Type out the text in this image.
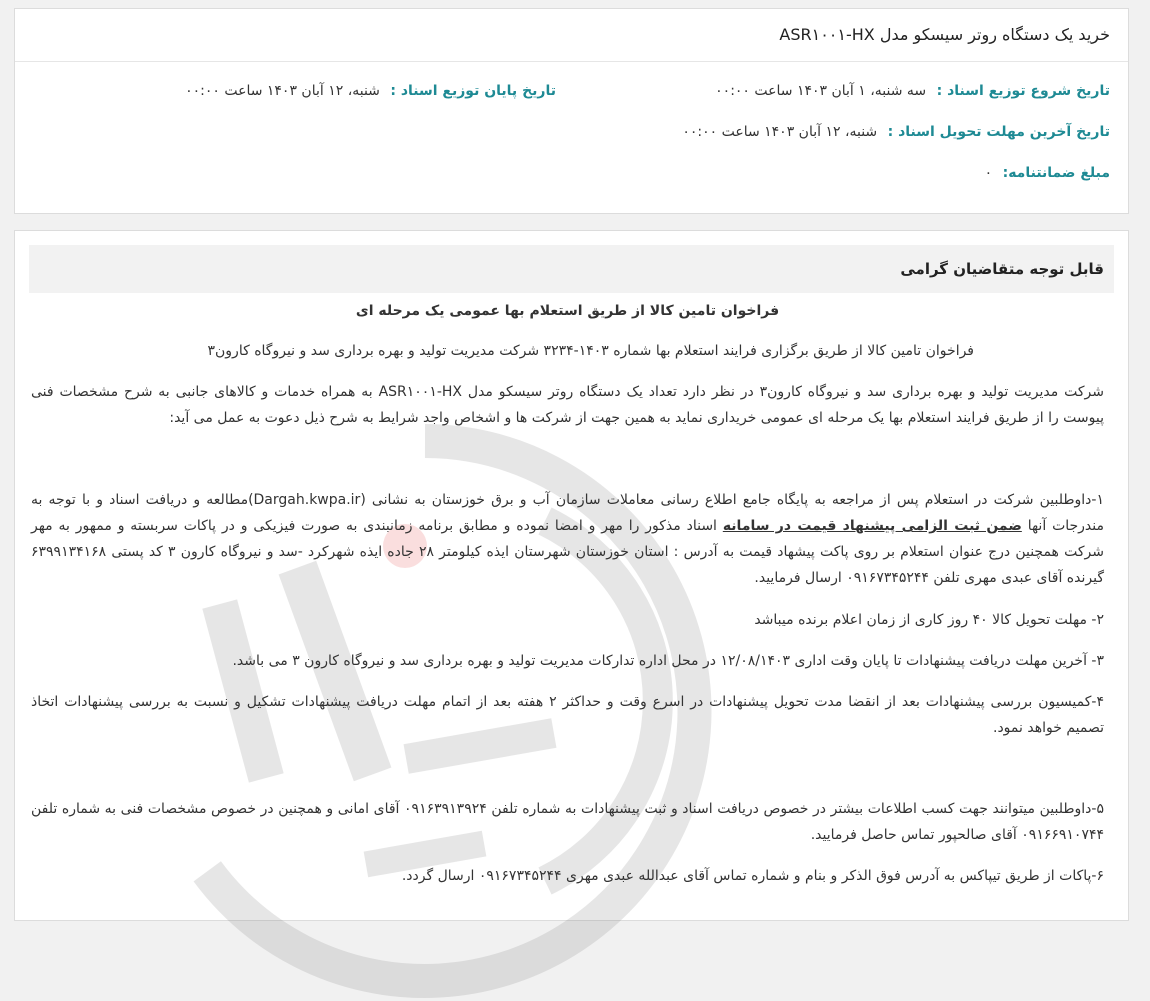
خرید یک دستگاه روتر سیسکو مدل ASR۱۰۰۱-HX
تاریخ شروع توزیع اسناد : سه شنبه، ۱ آبان ۱۴۰۳ ساعت ۰۰:۰۰
تاریخ پایان توزیع اسناد : شنبه، ۱۲ آبان ۱۴۰۳ ساعت ۰۰:۰۰
تاریخ آخرین مهلت تحویل اسناد : شنبه، ۱۲ آبان ۱۴۰۳ ساعت ۰۰:۰۰
مبلغ ضمانتنامه: ۰
قابل توجه متقاضیان گرامی

فراخوان تامین کالا از طریق استعلام بها عمومی یک مرحله ای

فراخوان تامین کالا از طریق برگزاری فرایند استعلام بها شماره ۱۴۰۳-۳۲۳۴ شرکت مدیریت تولید و بهره برداری سد و نیروگاه کارون۳

شرکت مدیریت تولید و بهره برداری سد و نیروگاه کارون۳ در نظر دارد تعداد یک دستگاه روتر سیسکو مدل ASR۱۰۰۱-HX به همراه خدمات و کالاهای جانبی به شرح مشخصات فنی پیوست را از طریق فرایند استعلام بها یک مرحله ای عمومی خریداری نماید به همین جهت از شرکت ها و اشخاص واجد شرایط به شرح ذیل دعوت به عمل می آید:

۱-داوطلبین شرکت در استعلام پس از مراجعه به پایگاه جامع اطلاع رسانی معاملات سازمان آب و برق خوزستان به نشانی (Dargah.kwpa.ir)مطالعه و دریافت اسناد و با توجه به مندرجات آنها ضمن ثبت الزامی پیشنهاد قیمت در سامانه اسناد مذکور را مهر و امضا نموده و مطابق برنامه زمانبندی به صورت فیزیکی و در پاکات سربسته و ممهور به مهر شرکت همچنین درج عنوان استعلام بر روی پاکت پیشهاد قیمت به آدرس : استان خوزستان شهرستان ایذه کیلومتر ۲۸ جاده ایذه شهرکرد -سد و نیروگاه کارون ۳ کد پستی ۶۳۹۹۱۳۴۱۶۸ گیرنده آقای عبدی مهری تلفن ۰۹۱۶۷۳۴۵۲۴۴ ارسال فرمایید.

۲- مهلت تحویل کالا ۴۰ روز کاری از زمان اعلام برنده میباشد

۳- آخرین مهلت دریافت پیشنهادات تا پایان وقت اداری ۱۲/۰۸/۱۴۰۳ در محل اداره تدارکات مدیریت تولید و بهره برداری سد و نیروگاه کارون ۳ می باشد.

۴-کمیسیون بررسی پیشنهادات بعد از انقضا مدت تحویل پیشنهادات در اسرع وقت و حداکثر ۲ هفته بعد از اتمام مهلت دریافت پیشنهادات تشکیل و نسبت به بررسی پیشنهادات اتخاذ تصمیم خواهد نمود.

۵-داوطلبین میتوانند جهت کسب اطلاعات بیشتر در خصوص دریافت اسناد و ثبت پیشنهادات به شماره تلفن ۰۹۱۶۳۹۱۳۹۲۴ آقای امانی و همچنین در خصوص مشخصات فنی به شماره تلفن ۰۹۱۶۶۹۱۰۷۴۴ آقای صالحپور تماس حاصل فرمایید.

۶-پاکات از طریق تیپاکس به آدرس فوق الذکر و بنام و شماره تماس آقای عبدالله عبدی مهری ۰۹۱۶۷۳۴۵۲۴۴ ارسال گردد.
